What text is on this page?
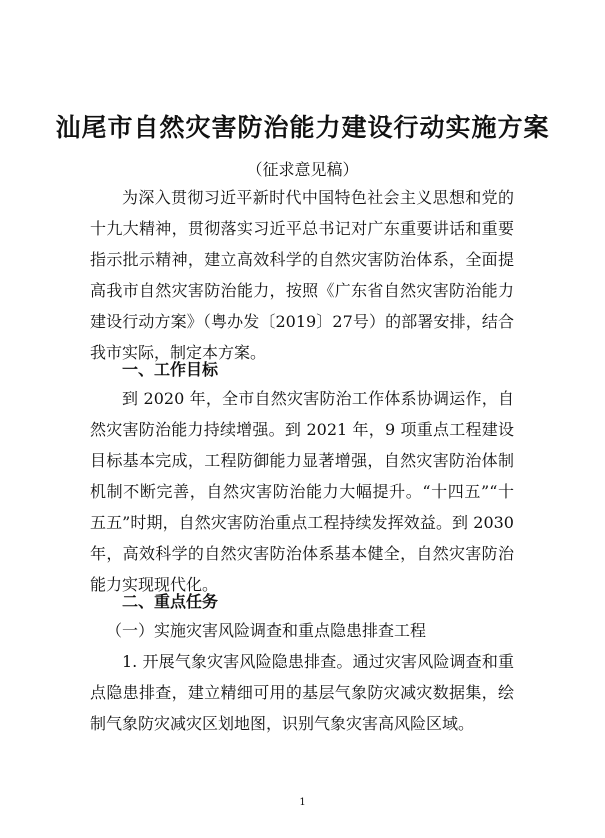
汕尾市自然灾害防治能力建设行动实施方案
（征求意见稿）

为深入贯彻习近平新时代中国特色社会主义思想和党的十九大精神，贯彻落实习近平总书记对广东重要讲话和重要指示批示精神，建立高效科学的自然灾害防治体系，全面提高我市自然灾害防治能力，按照《广东省自然灾害防治能力建设行动方案》（粤办发〔2019〕27号）的部署安排，结合我市实际，制定本方案。

一、工作目标

到 2020 年，全市自然灾害防治工作体系协调运作，自然灾害防治能力持续增强。到 2021 年，9 项重点工程建设目标基本完成，工程防御能力显著增强，自然灾害防治体制机制不断完善，自然灾害防治能力大幅提升。“十四五”“十五五”时期，自然灾害防治重点工程持续发挥效益。到 2030 年，高效科学的自然灾害防治体系基本健全，自然灾害防治能力实现现代化。

二、重点任务

（一）实施灾害风险调查和重点隐患排查工程

1. 开展气象灾害风险隐患排查。通过灾害风险调查和重点隐患排查，建立精细可用的基层气象防灾减灾数据集，绘制气象防灾减灾区划地图，识别气象灾害高风险区域。

1
